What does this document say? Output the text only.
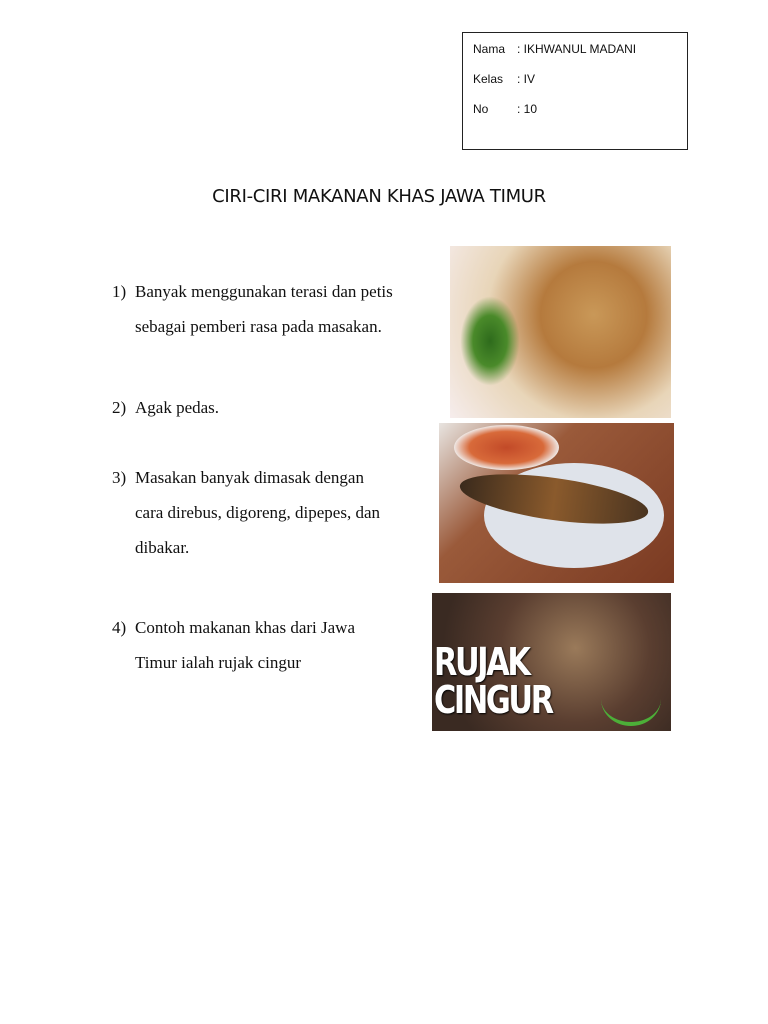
Nama : IKHWANUL MADANI
Kelas	: IV
No	: 10
CIRI-CIRI MAKANAN KHAS JAWA TIMUR
1) Banyak menggunakan terasi dan petis
sebagai pemberi rasa pada masakan.
2) Agak pedas.
3) Masakan banyak dimasak dengan
cara direbus, digoreng, dipepes, dan
dibakar.
4) Contoh makanan khas dari Jawa
Timur ialah rujak cingur	RUJAK
CINGUR
